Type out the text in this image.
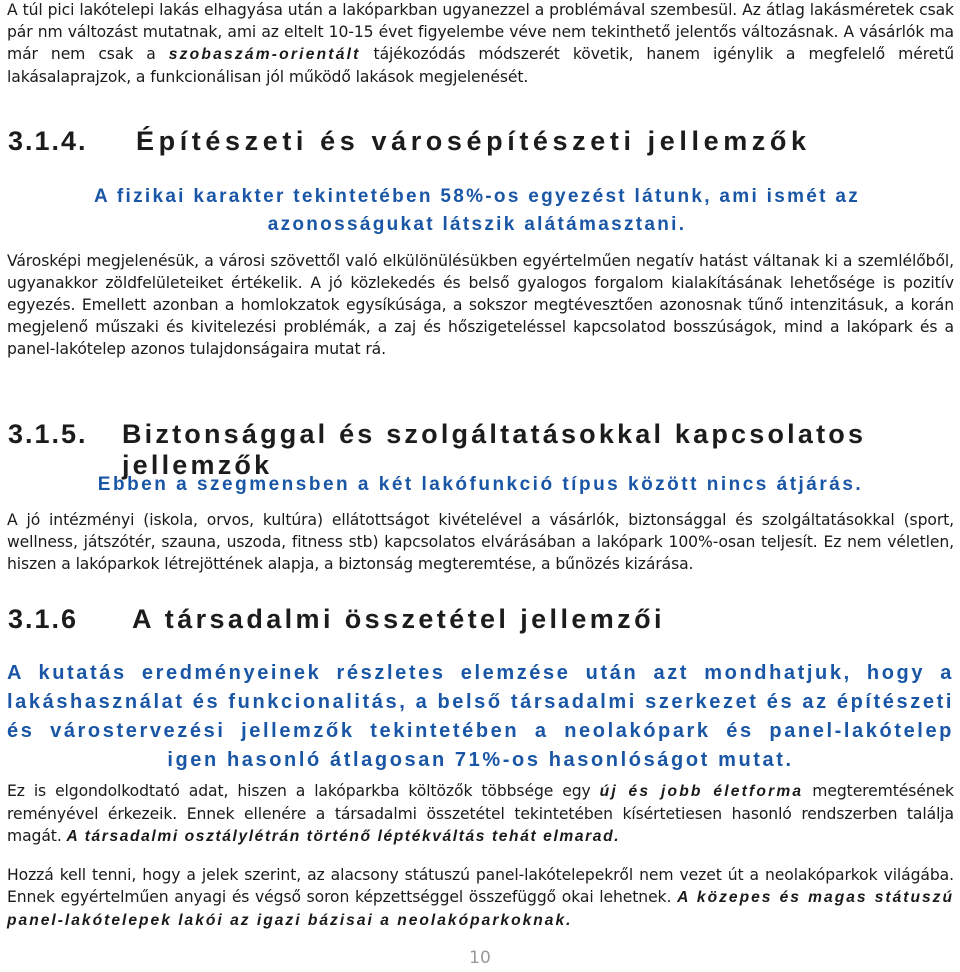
A túl pici lakótelepi lakás elhagyása után a lakóparkban ugyanezzel a problémával szembesül. Az átlag lakásméretek csak pár nm változást mutatnak, ami az eltelt 10-15 évet figyelembe véve nem tekinthető jelentős változásnak. A vásárlók ma már nem csak a szobaszám-orientált tájékozódás módszerét követik, hanem igénylik a megfelelő méretű lakásalaprajzok, a funkcionálisan jól működő lakások megjelenését.

3.1.4.	Építészeti és városépítészeti jellemzők

A fizikai karakter tekintetében 58%-os egyezést látunk, ami ismét az azonosságukat látszik alátámasztani.

Városképi megjelenésük, a városi szövettől való elkülönülésükben egyértelműen negatív hatást váltanak ki a szemlélőből, ugyanakkor zöldfelületeiket értékelik. A jó közlekedés és belső gyalogos forgalom kialakításának lehetősége is pozitív egyezés. Emellett azonban a homlokzatok egysíkúsága, a sokszor megtévesztően azonosnak tűnő intenzitásuk, a korán megjelenő műszaki és kivitelezési problémák, a zaj és hőszigeteléssel kapcsolatod bosszúságok, mind a lakópark és a panel-lakótelep azonos tulajdonságaira mutat rá.

3.1.5.	Biztonsággal és szolgáltatásokkal kapcsolatos jellemzők

Ebben a szegmensben a két lakófunkció típus között nincs átjárás.

A jó intézményi (iskola, orvos, kultúra) ellátottságot kivételével a vásárlók, biztonsággal és szolgáltatásokkal (sport, wellness, játszótér, szauna, uszoda, fitness stb) kapcsolatos elvárásában a lakópark 100%-osan teljesít. Ez nem véletlen, hiszen a lakóparkok létrejöttének alapja, a biztonság megteremtése, a bűnözés kizárása.

3.1.6	A társadalmi összetétel jellemzői

A kutatás eredményeinek részletes elemzése után azt mondhatjuk, hogy a lakáshasználat és funkcionalitás, a belső társadalmi szerkezet és az építészeti és várostervezési jellemzők tekintetében a neolakópark és panel-lakótelep igen hasonló átlagosan 71%-os hasonlóságot mutat.

Ez is elgondolkodtató adat, hiszen a lakóparkba költözők többsége egy új és jobb életforma megteremtésének reményével érkezeik. Ennek ellenére a társadalmi összetétel tekintetében kísértetiesen hasonló rendszerben találja magát. A társadalmi osztálylétrán történő léptékváltás tehát elmarad.

Hozzá kell tenni, hogy a jelek szerint, az alacsony státuszú panel-lakótelepekről nem vezet út a neolakóparkok világába. Ennek egyértelműen anyagi és végső soron képzettséggel összefüggő okai lehetnek. A közepes és magas státuszú panel-lakótelepek lakói az igazi bázisai a neolakóparkoknak.

10
